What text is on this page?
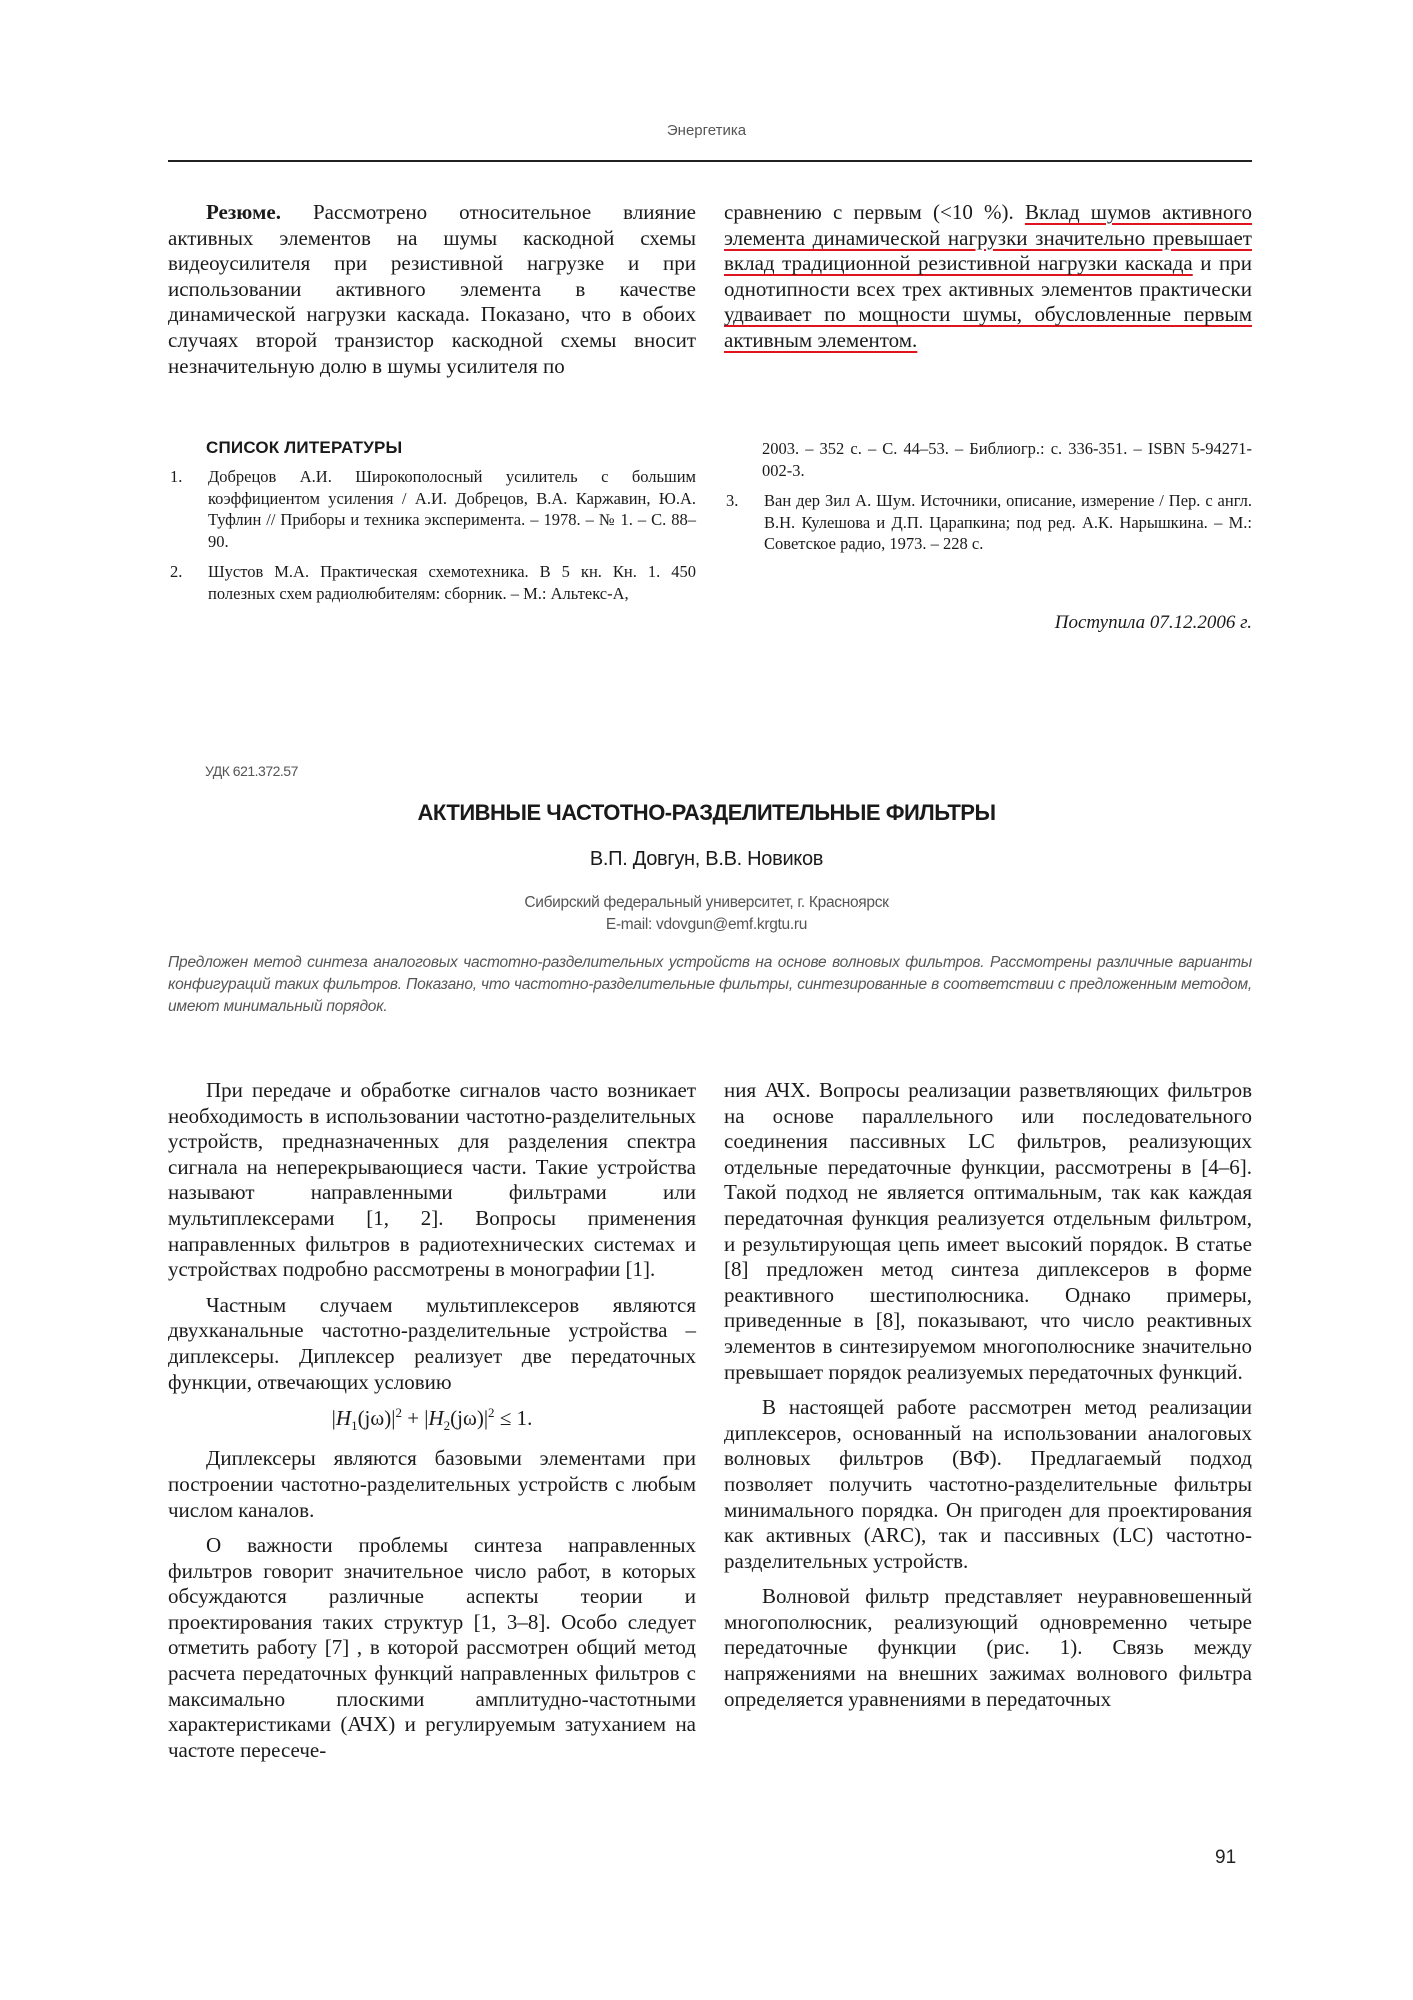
Энергетика

Резюме. Рассмотрено относительное влияние активных элементов на шумы каскодной схемы видеоусилителя при резистивной нагрузке и при использовании активного элемента в качестве динамической нагрузки каскада. Показано, что в обоих случаях второй транзистор каскодной схемы вносит незначительную долю в шумы усилителя по

сравнению с первым (<10 %). Вклад шумов активного элемента динамической нагрузки значительно превышает вклад традиционной резистивной нагрузки каскада и при однотипности всех трех активных элементов практически удваивает по мощности шумы, обусловленные первым активным элементом.

СПИСОК ЛИТЕРАТУРЫ
1.	Добрецов А.И. Широкополосный усилитель с большим коэффициентом усиления / А.И. Добрецов, В.А. Каржавин, Ю.А. Туфлин // Приборы и техника эксперимента. – 1978. – № 1. – С. 88–90.
2.	Шустов М.А. Практическая схемотехника. В 5 кн. Кн. 1. 450 полезных схем радиолюбителям: сборник. – М.: Альтекс-А,
2003. – 352 с. – С. 44–53. – Библиогр.: с. 336-351. – ISBN 5-94271-002-3.
3.	Ван дер Зил А. Шум. Источники, описание, измерение / Пер. с англ. В.Н. Кулешова и Д.П. Царапкина; под ред. А.К. Нарышкина. – М.: Советское радио, 1973. – 228 с.
Поступила 07.12.2006 г.
УДК 621.372.57
АКТИВНЫЕ ЧАСТОТНО-РАЗДЕЛИТЕЛЬНЫЕ ФИЛЬТРЫ
В.П. Довгун, В.В. Новиков
Сибирский федеральный университет, г. Красноярск
E-mail: vdovgun@emf.krgtu.ru
Предложен метод синтеза аналоговых частотно-разделительных устройств на основе волновых фильтров. Рассмотрены различные варианты конфигураций таких фильтров. Показано, что частотно-разделительные фильтры, синтезированные в соответствии с предложенным методом, имеют минимальный порядок.

При передаче и обработке сигналов часто возникает необходимость в использовании частотно-разделительных устройств, предназначенных для разделения спектра сигнала на неперекрывающиеся части. Такие устройства называют направленными фильтрами или мультиплексерами [1, 2]. Вопросы применения направленных фильтров в радиотехнических системах и устройствах подробно рассмотрены в монографии [1].

Частным случаем мультиплексеров являются двухканальные частотно-разделительные устройства – диплексеры. Диплексер реализует две передаточных функции, отвечающих условию

$|H_1(j\omega)|^2 + |H_2(j\omega)|^2 \le 1$.

Диплексеры являются базовыми элементами при построении частотно-разделительных устройств с любым числом каналов.

О важности проблемы синтеза направленных фильтров говорит значительное число работ, в которых обсуждаются различные аспекты теории и проектирования таких структур [1, 3–8]. Особо следует отметить работу [7] , в которой рассмотрен общий метод расчета передаточных функций направленных фильтров с максимально плоскими амплитудно-частотными характеристиками (АЧХ) и регулируемым затуханием на частоте пересече-

ния АЧХ. Вопросы реализации разветвляющих фильтров на основе параллельного или последовательного соединения пассивных LC фильтров, реализующих отдельные передаточные функции, рассмотрены в [4–6]. Такой подход не является оптимальным, так как каждая передаточная функция реализуется отдельным фильтром, и результирующая цепь имеет высокий порядок. В статье [8] предложен метод синтеза диплексеров в форме реактивного шестиполюсника. Однако примеры, приведенные в [8], показывают, что число реактивных элементов в синтезируемом многополюснике значительно превышает порядок реализуемых передаточных функций.

В настоящей работе рассмотрен метод реализации диплексеров, основанный на использовании аналоговых волновых фильтров (ВФ). Предлагаемый подход позволяет получить частотно-разделительные фильтры минимального порядка. Он пригоден для проектирования как активных (ARC), так и пассивных (LC) частотно-разделительных устройств.

Волновой фильтр представляет неуравновешенный многополюсник, реализующий одновременно четыре передаточные функции (рис. 1). Связь между напряжениями на внешних зажимах волнового фильтра определяется уравнениями в передаточных

91
